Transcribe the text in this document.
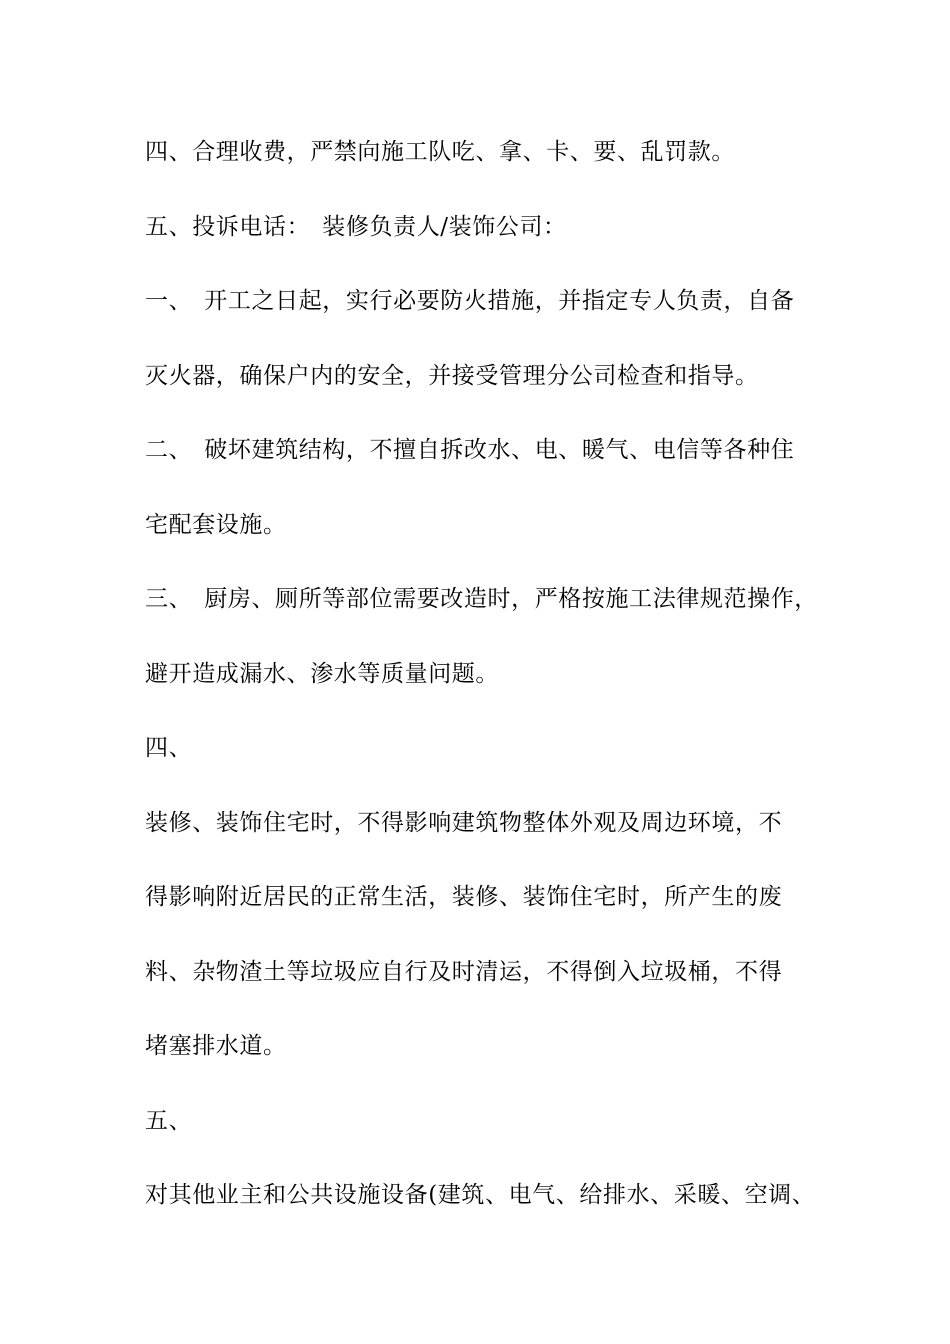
四、合理收费，严禁向施工队吃、拿、卡、要、乱罚款。
五、投诉电话：　装修负责人/装饰公司：
一、　开工之日起，实行必要防火措施，并指定专人负责，自备
灭火器，确保户内的安全，并接受管理分公司检查和指导。
二、　破坏建筑结构，不擅自拆改水、电、暖气、电信等各种住
宅配套设施。
三、　厨房、厕所等部位需要改造时，严格按施工法律规范操作，
避开造成漏水、渗水等质量问题。
四、
装修、装饰住宅时，不得影响建筑物整体外观及周边环境，不
得影响附近居民的正常生活，装修、装饰住宅时，所产生的废
料、杂物渣土等垃圾应自行及时清运，不得倒入垃圾桶，不得
堵塞排水道。
五、
对其他业主和公共设施设备(建筑、电气、给排水、采暖、空调、
